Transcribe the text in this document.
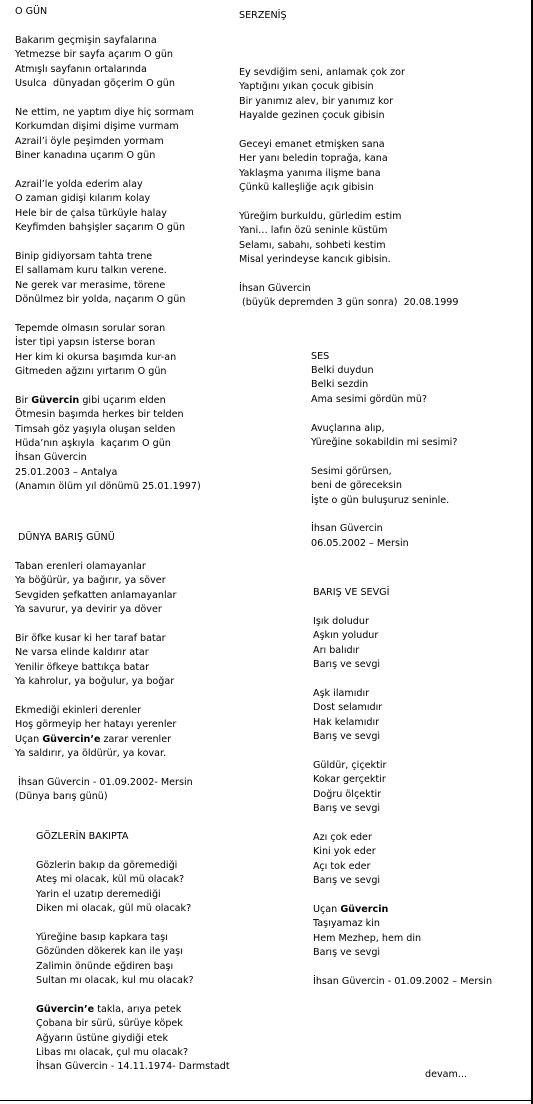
O GÜN
Bakarım geçmişin sayfalarına
Yetmezse bir sayfa açarım O gün
Atmışlı sayfanın ortalarında
Usulca  dünyadan göçerim O gün

Ne ettim, ne yaptım diye hiç sormam
Korkumdan dişimi dişime vurmam
Azrail’i öyle peşimden yormam
Biner kanadına uçarım O gün

Azrail’le yolda ederim alay
O zaman gidişi kılarım kolay
Hele bir de çalsa türküyle halay
Keyfimden bahşişler saçarım O gün

Binip gidiyorsam tahta trene
El sallamam kuru talkın verene.
Ne gerek var merasime, törene
Dönülmez bir yolda, naçarım O gün

Tepemde olmasın sorular soran
İster tipi yapsın isterse boran
Her kim ki okursa başımda kur-an
Gitmeden ağzını yırtarım O gün

Bir Güvercin gibi uçarım elden
Ötmesin başımda herkes bir telden
Timsah göz yaşıyla oluşan selden
Hüda’nın aşkıyla  kaçarım O gün
İhsan Güvercin
25.01.2003 – Antalya
(Anamın ölüm yıl dönümü 25.01.1997)
DÜNYA BARIŞ GÜNÜ
Taban erenleri olamayanlar
Ya böğürür, ya bağırır, ya söver
Sevgiden şefkatten anlamayanlar
Ya savurur, ya devirir ya döver

Bir öfke kusar ki her taraf batar
Ne varsa elinde kaldırır atar
Yenilir öfkeye battıkça batar
Ya kahrolur, ya boğulur, ya boğar

Ekmediği ekinleri derenler
Hoş görmeyip her hatayı yerenler
Uçan Güvercin’e zarar verenler
Ya saldırır, ya öldürür, ya kovar.

İhsan Güvercin - 01.09.2002- Mersin
(Dünya barış günü)
GÖZLERİN BAKIPTA
Gözlerin bakıp da göremediği
Ateş mi olacak, kül mü olacak?
Yarin el uzatıp deremediği
Diken mi olacak, gül mü olacak?

Yüreğine basıp kapkara taşı
Gözünden dökerek kan ile yaşı
Zalimin önünde eğdiren başı
Sultan mı olacak, kul mu olacak?

Güvercin’e takla, arıya petek
Çobana bir sürü, sürüye köpek
Ağyarın üstüne giydiği etek
Libas mı olacak, çul mu olacak?
İhsan Güvercin - 14.11.1974- Darmstadt
SERZENİŞ
Ey sevdiğim seni, anlamak çok zor
Yaptığını yıkan çocuk gibisin
Bir yanımız alev, bir yanımız kor
Hayalde gezinen çocuk gibisin

Geceyi emanet etmişken sana
Her yanı beledin toprağa, kana
Yaklaşma yanıma ilişme bana
Çünkü kalleşliğe açık gibisin

Yüreğim burkuldu, gürledim estim
Yani… lafın özü seninle küstüm
Selamı, sabahı, sohbeti kestim
Misal yerindeyse kancık gibisin.

İhsan Güvercin
(büyük depremden 3 gün sonra)  20.08.1999
SES
Belki duydun
Belki sezdin
Ama sesimi gördün mü?

Avuçlarına alıp,
Yüreğine sokabildin mi sesimi?

Sesimi görürsen,
beni de göreceksin
İşte o gün buluşuruz seninle.

İhsan Güvercin
06.05.2002 – Mersin
BARIŞ VE SEVGİ
Işık doludur
Aşkın yoludur
Arı balıdır
Barış ve sevgi

Aşk ilamıdır
Dost selamıdır
Hak kelamıdır
Barış ve sevgi

Güldür, çiçektir
Kokar gerçektir
Doğru ölçektir
Barış ve sevgi

Azı çok eder
Kini yok eder
Açı tok eder
Barış ve sevgi

Uçan Güvercin
Taşıyamaz kin
Hem Mezhep, hem din
Barış ve sevgi

İhsan Güvercin - 01.09.2002 – Mersin
devam...
